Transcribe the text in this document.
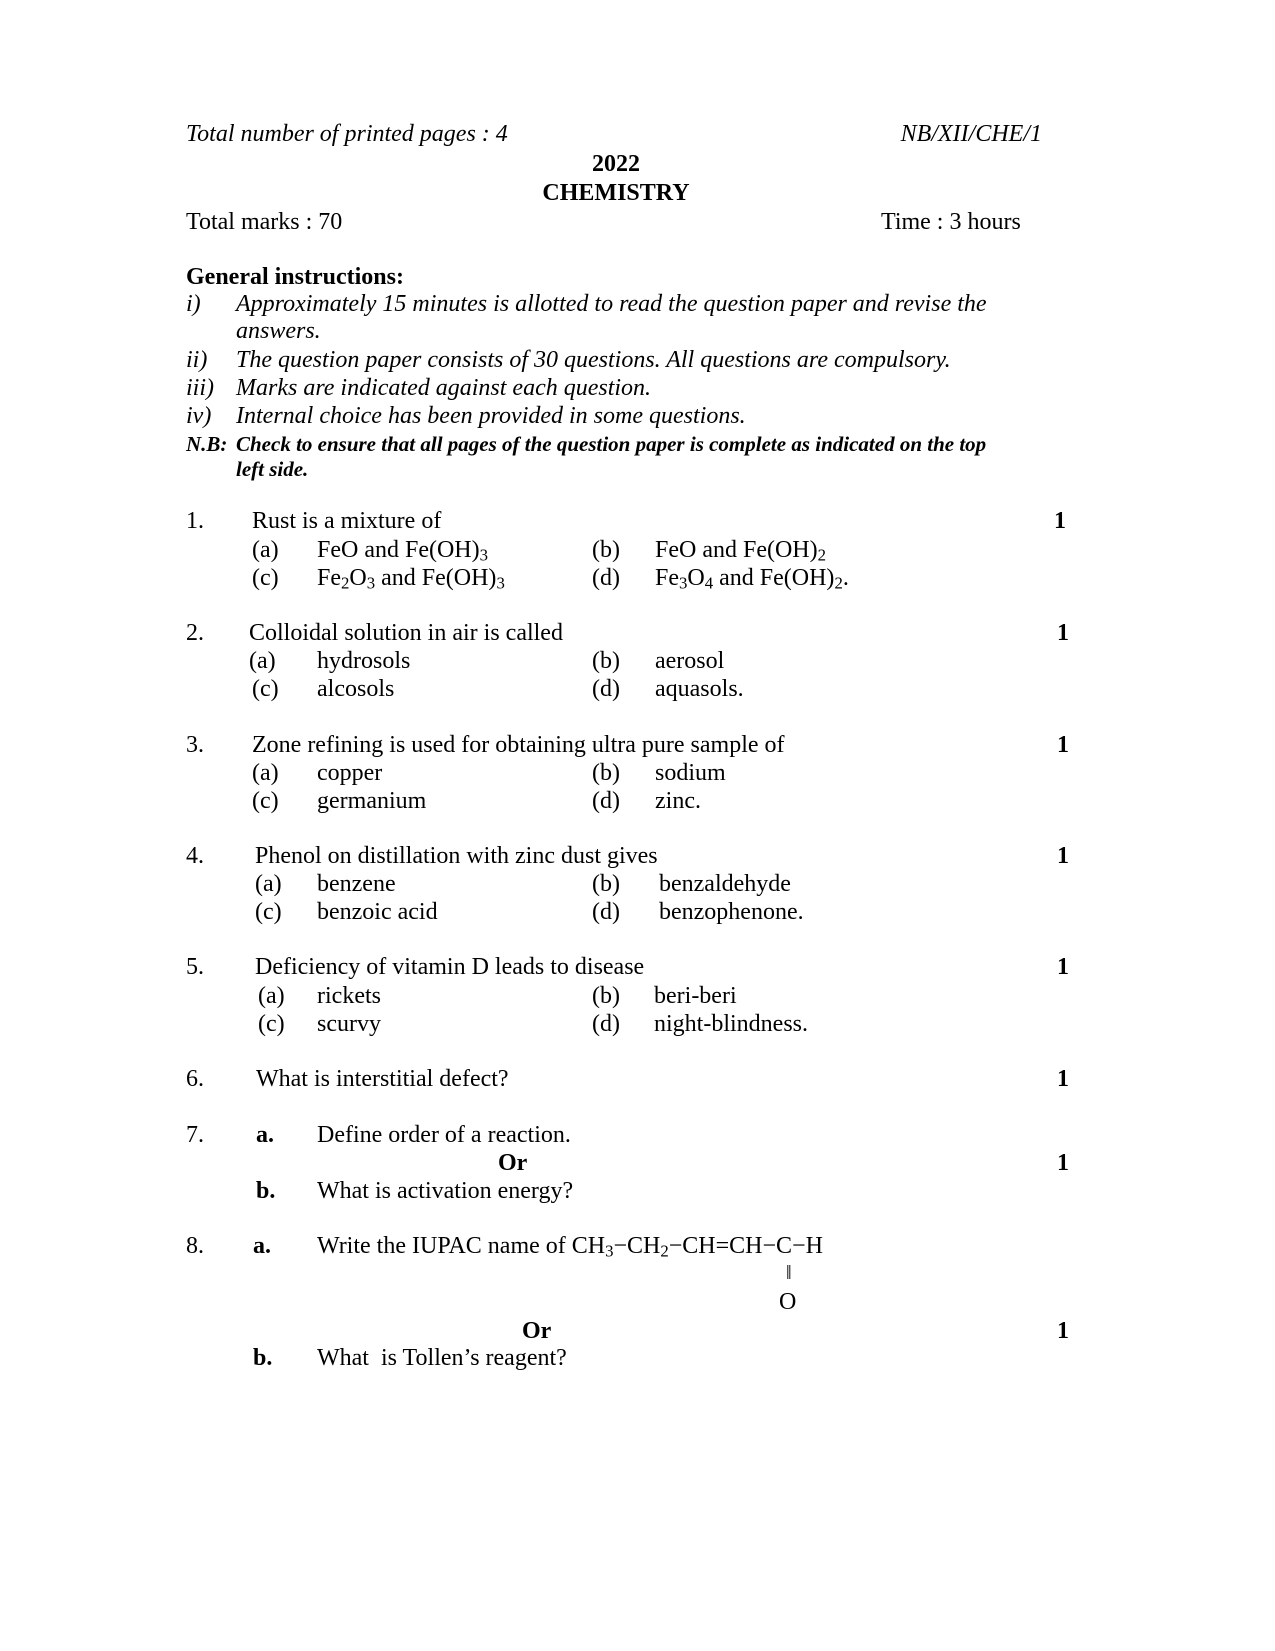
Total number of printed pages : 4	NB/XII/CHE/1
2022
CHEMISTRY
Total marks : 70	Time : 3 hours
General instructions:
i) Approximately 15 minutes is allotted to read the question paper and revise the
answers.
ii) The question paper consists of 30 questions. All questions are compulsory.
iii) Marks are indicated against each question.
iv) Internal choice has been provided in some questions.
N.B: Check to ensure that all pages of the question paper is complete as indicated on the top
left side.
1. Rust is a mixture of	1
(a) FeO and $Fe(OH)_3$	(b) FeO and $Fe(OH)_2$
(c) $Fe_2O_3$ and $Fe(OH)_3$	(d) $Fe_3O_4$ and $Fe(OH)_2$.
2. Colloidal solution in air is called	1
(a) hydrosols	(b) aerosol
(c) alcosols	(d) aquasols.
3. Zone refining is used for obtaining ultra pure sample of	1
(a) copper	(b) sodium
(c) germanium	(d) zinc.
4. Phenol on distillation with zinc dust gives	1
(a) benzene	(b) benzaldehyde
(c) benzoic acid	(d) benzophenone.
5. Deficiency of vitamin D leads to disease	1
(a) rickets	(b) beri-beri
(c) scurvy	(d) night-blindness.
6. What is interstitial defect?	1
7. a. Define order of a reaction.
Or	1
b. What is activation energy?
8. a. Write the IUPAC name of $CH_3-CH_2-CH=CH-C-H$
‖
O
Or	1
b. What  is Tollen’s reagent?
